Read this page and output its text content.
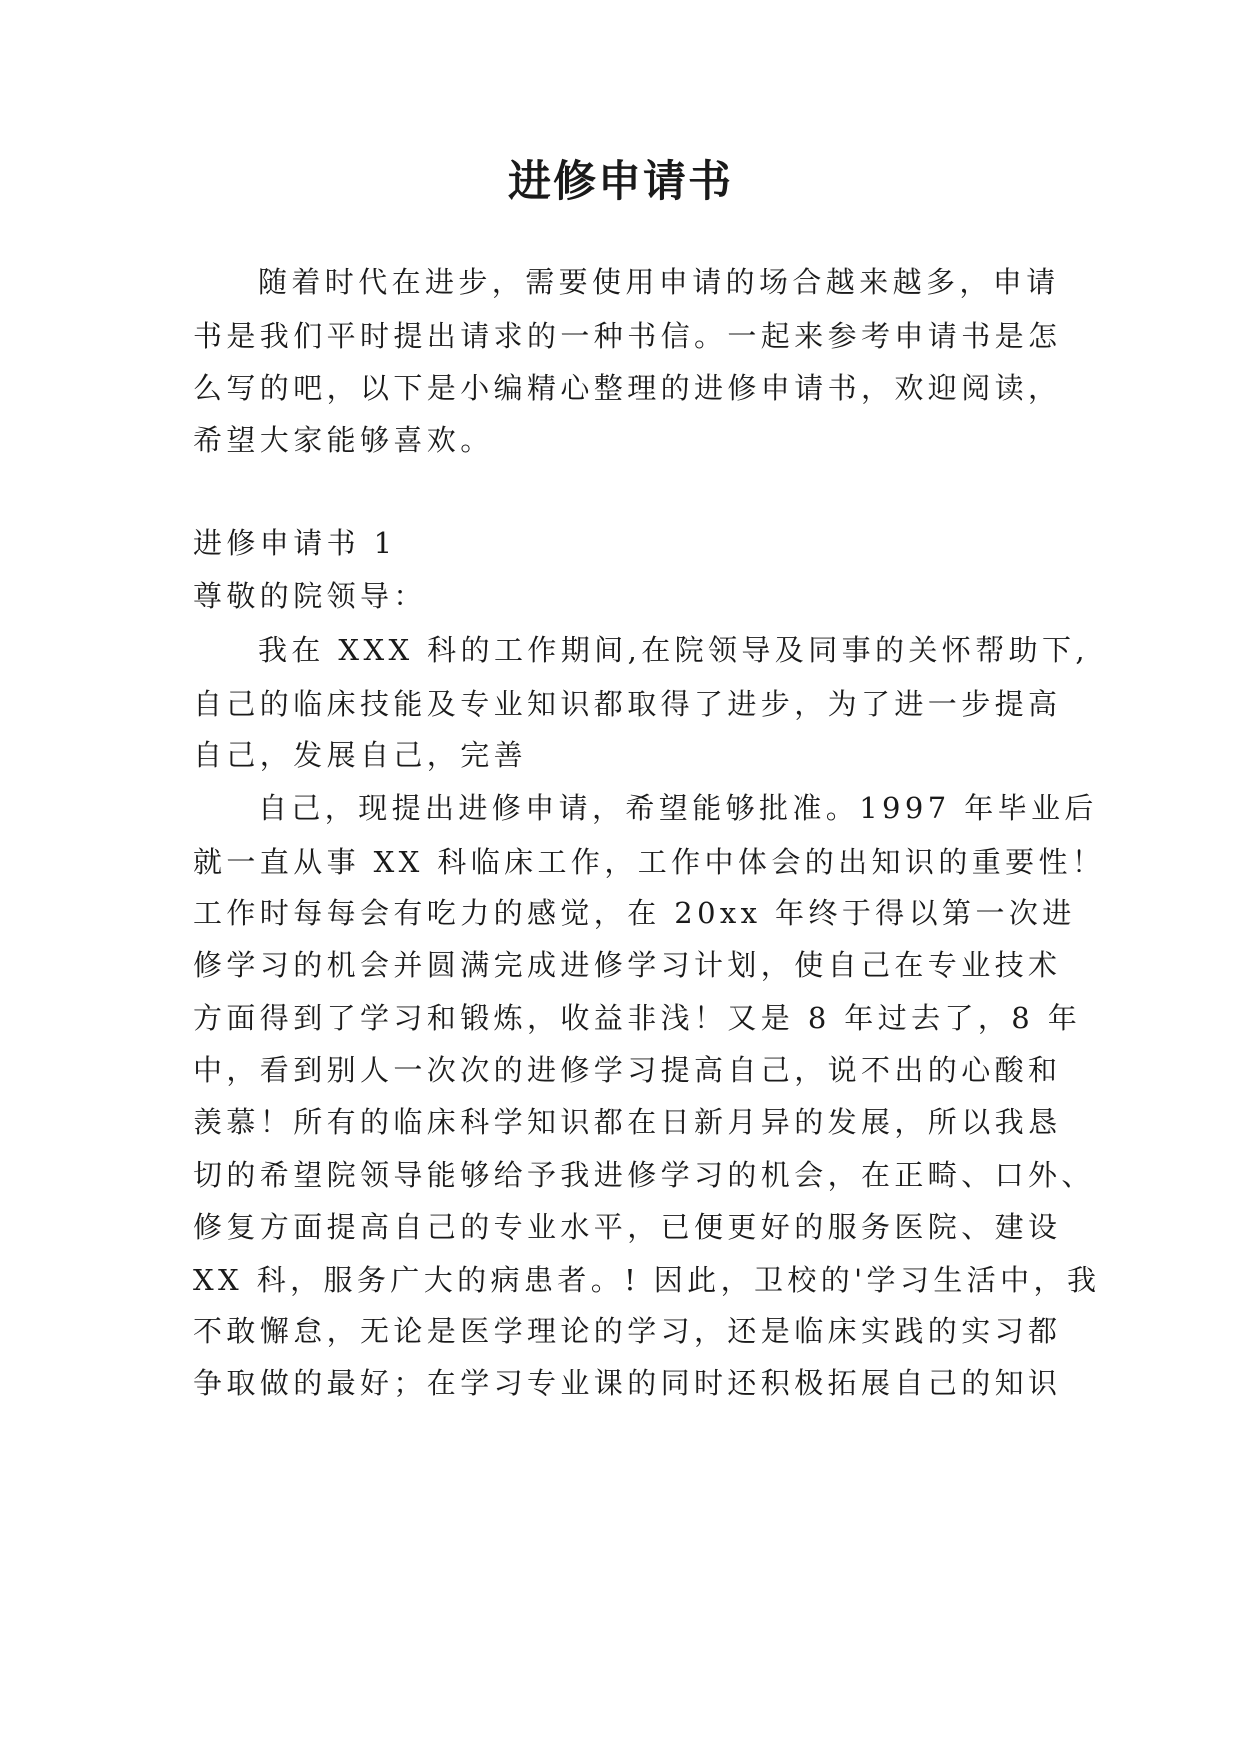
进修申请书
随着时代在进步，需要使用申请的场合越来越多，申请
书是我们平时提出请求的一种书信。一起来参考申请书是怎
么写的吧，以下是小编精心整理的进修申请书，欢迎阅读，
希望大家能够喜欢。
进修申请书 1
尊敬的院领导：
我在 XXX 科的工作期间,在院领导及同事的关怀帮助下,
自己的临床技能及专业知识都取得了进步，为了进一步提高
自己，发展自己，完善
自己，现提出进修申请，希望能够批准。1997 年毕业后
就一直从事 XX 科临床工作，工作中体会的出知识的重要性！
工作时每每会有吃力的感觉，在 20xx 年终于得以第一次进
修学习的机会并圆满完成进修学习计划，使自己在专业技术
方面得到了学习和锻炼，收益非浅！又是 8 年过去了，8 年
中，看到别人一次次的进修学习提高自己，说不出的心酸和
羡慕！所有的临床科学知识都在日新月异的发展，所以我恳
切的希望院领导能够给予我进修学习的机会，在正畸、口外、
修复方面提高自己的专业水平，已便更好的服务医院、建设
XX 科，服务广大的病患者。! 因此，卫校的'学习生活中，我
不敢懈怠，无论是医学理论的学习，还是临床实践的实习都
争取做的最好；在学习专业课的同时还积极拓展自己的知识
